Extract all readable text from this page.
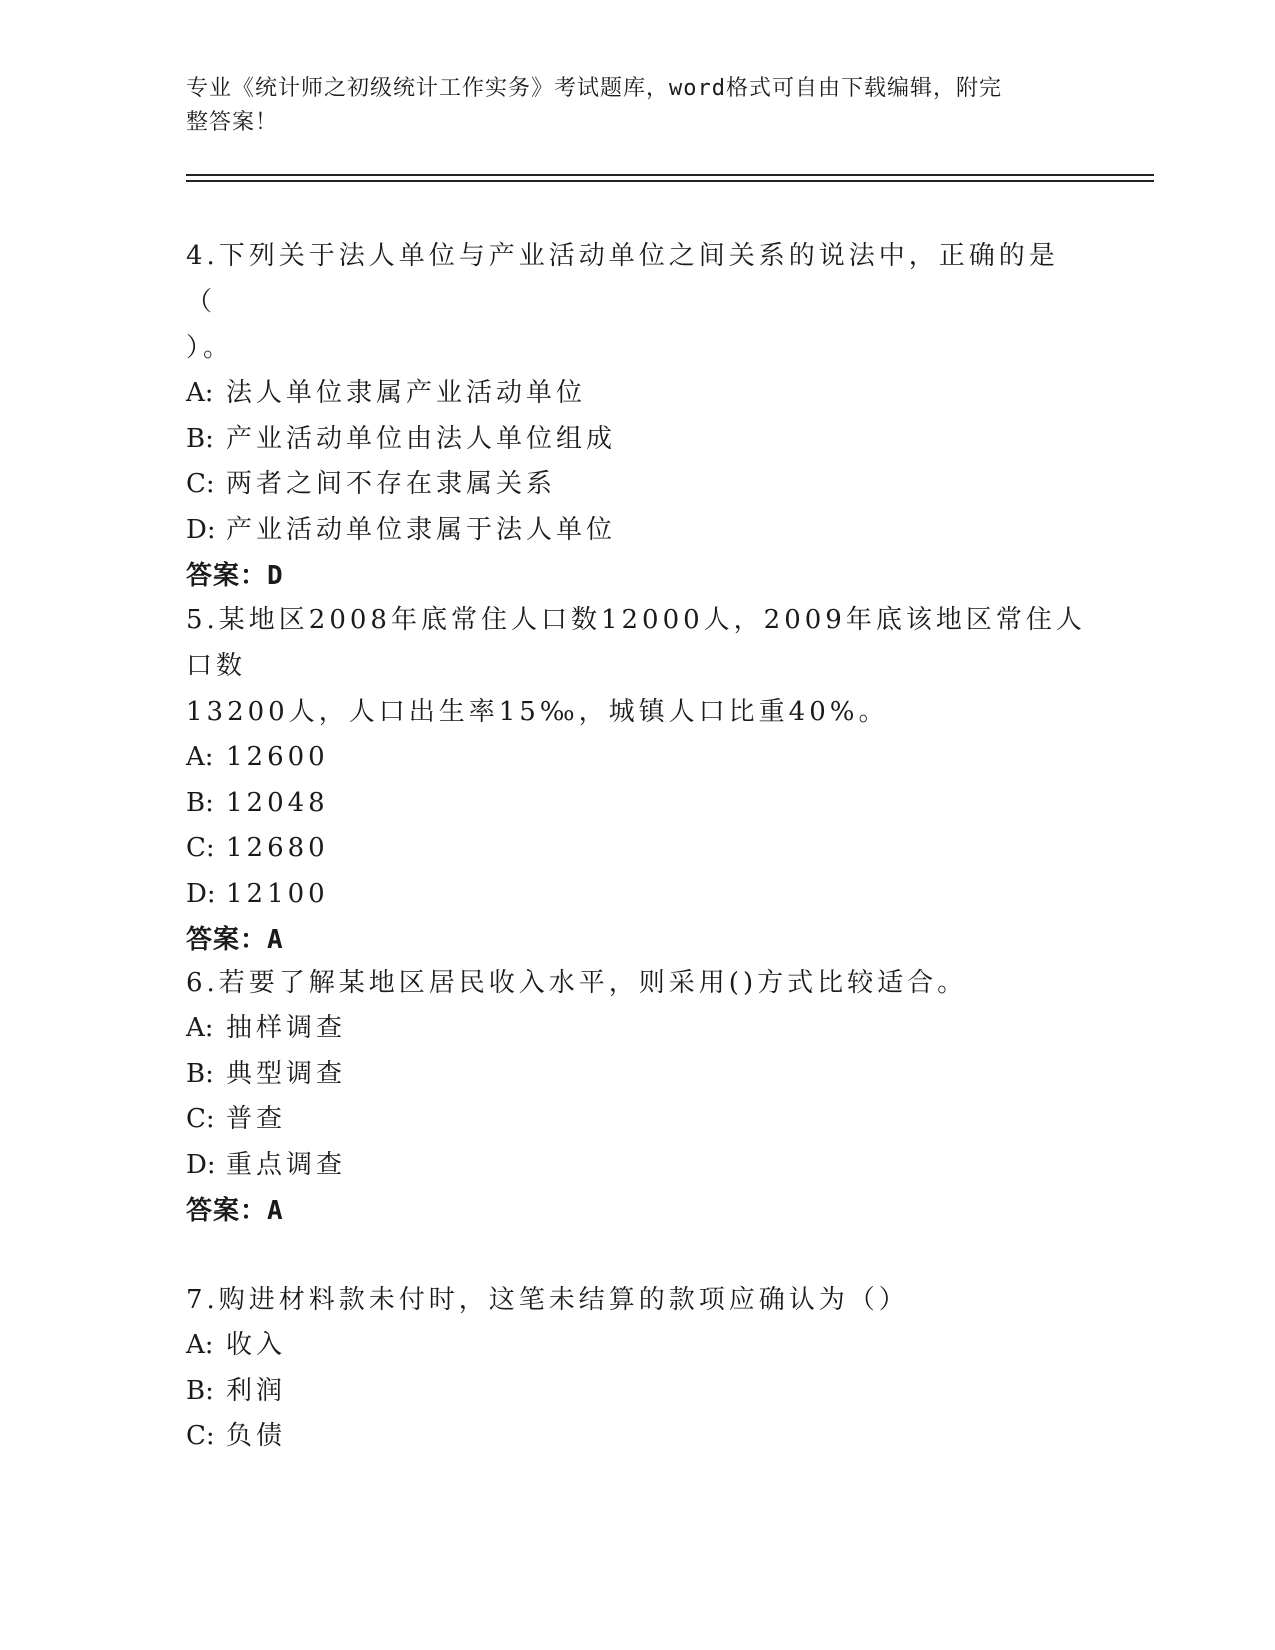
专业《统计师之初级统计工作实务》考试题库，word格式可自由下载编辑，附完
整答案！

4.下列关于法人单位与产业活动单位之间关系的说法中，正确的是（

）。

A: 法人单位隶属产业活动单位
B: 产业活动单位由法人单位组成
C: 两者之间不存在隶属关系
D: 产业活动单位隶属于法人单位
答案：D

5.某地区2008年底常住人口数12000人，2009年底该地区常住人口数

13200人，人口出生率15‰，城镇人口比重40%。

A: 12600
B: 12048
C: 12680
D: 12100
答案：A

6.若要了解某地区居民收入水平，则采用()方式比较适合。

A: 抽样调查
B: 典型调查
C: 普查
D: 重点调查
答案：A

7.购进材料款未付时，这笔未结算的款项应确认为（）

A: 收入
B: 利润
C: 负债
